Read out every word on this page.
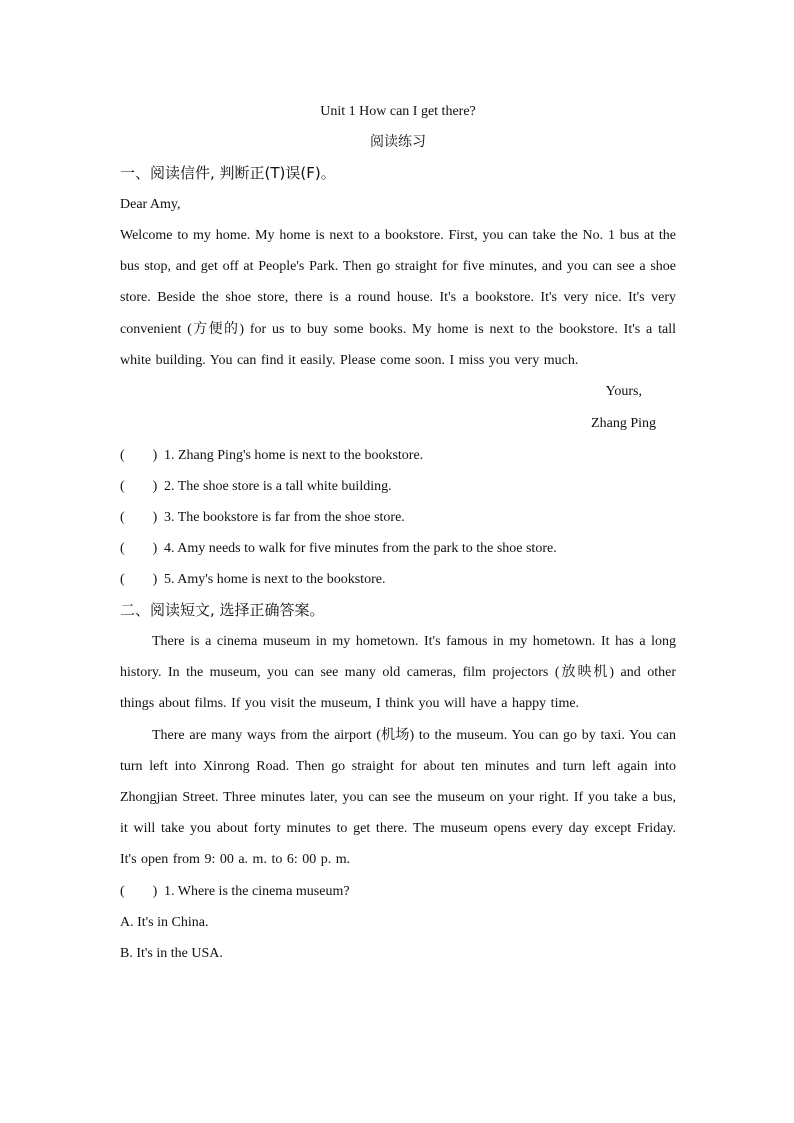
Unit 1 How can I get there?
阅读练习
一、阅读信件, 判断正(T)误(F)。
Dear Amy,
Welcome to my home. My home is next to a bookstore. First, you can take the No. 1 bus at the bus stop, and get off at People's Park. Then go straight for five minutes, and you can see a shoe store. Beside the shoe store, there is a round house. It's a bookstore. It's very nice. It's very convenient (方便的) for us to buy some books. My home is next to the bookstore. It's a tall white building. You can find it easily. Please come soon. I miss you very much.
Yours,
Zhang Ping
(        ) 1. Zhang Ping's home is next to the bookstore.
(        ) 2. The shoe store is a tall white building.
(        ) 3. The bookstore is far from the shoe store.
(        ) 4. Amy needs to walk for five minutes from the park to the shoe store.
(        ) 5. Amy's home is next to the bookstore.
二、阅读短文, 选择正确答案。
There is a cinema museum in my hometown. It's famous in my hometown. It has a long history. In the museum, you can see many old cameras, film projectors (放映机) and other things about films. If you visit the museum, I think you will have a happy time.
There are many ways from the airport (机场) to the museum. You can go by taxi. You can turn left into Xinrong Road. Then go straight for about ten minutes and turn left again into Zhongjian Street. Three minutes later, you can see the museum on your right. If you take a bus, it will take you about forty minutes to get there. The museum opens every day except Friday. It's open from 9: 00 a. m. to 6: 00 p. m.
(        ) 1. Where is the cinema museum?
A. It's in China.
B. It's in the USA.
